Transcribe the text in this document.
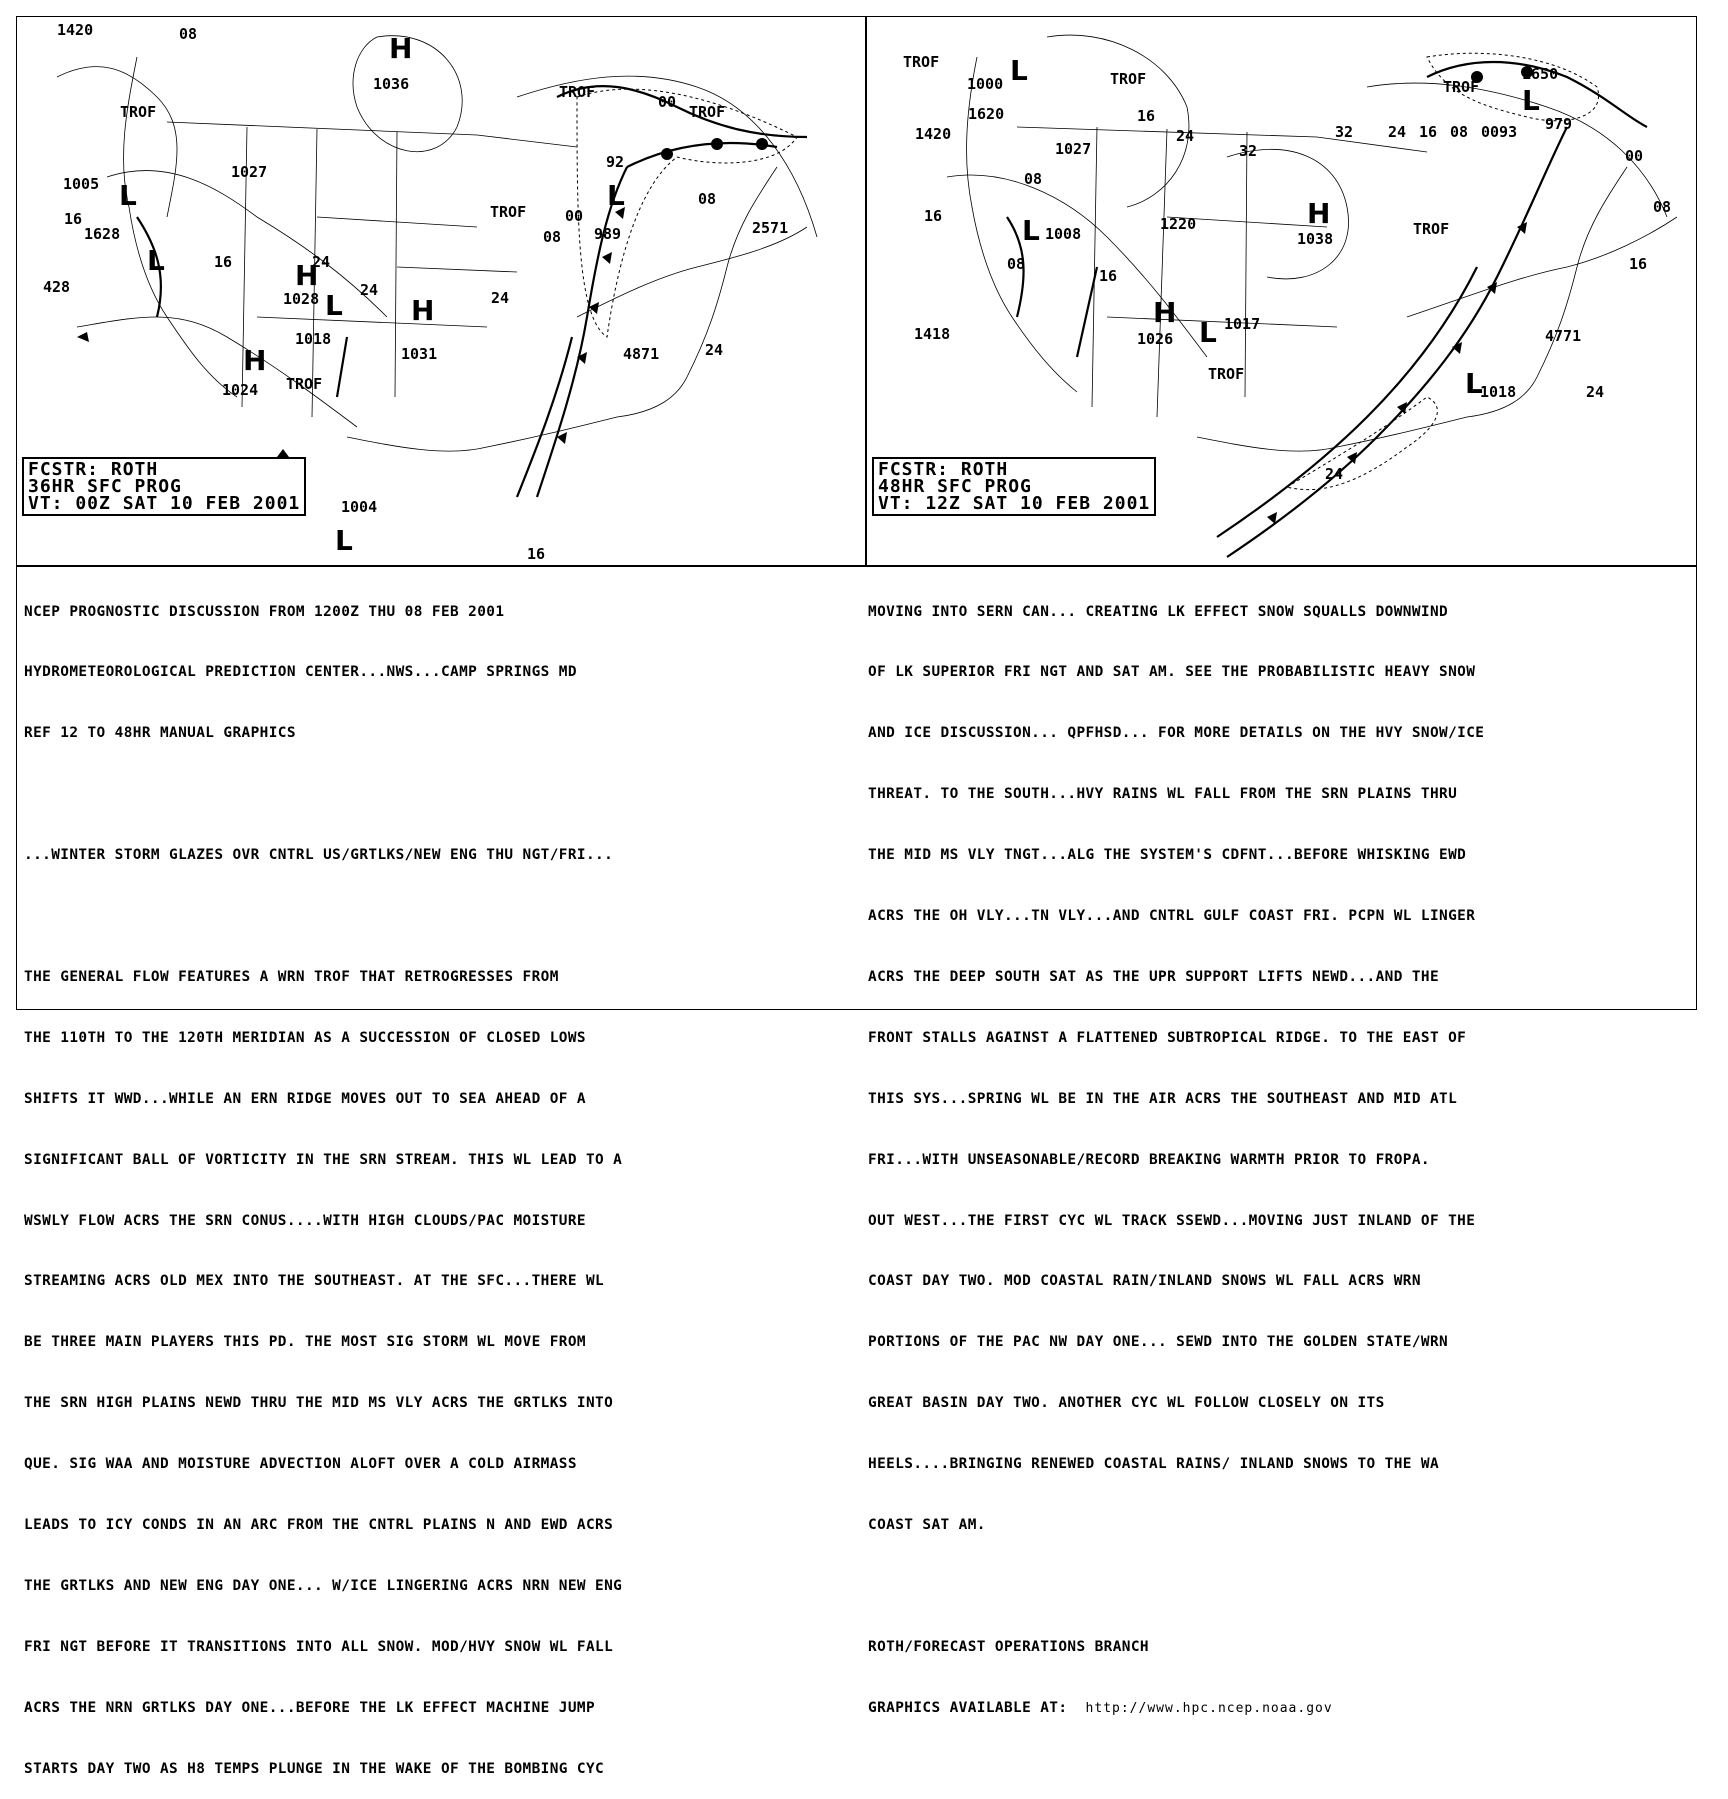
1420	08
TROF
1036	TROF
00
TROF
1005
1027
92
08
16
1628
TROF	00
989	2571
08
16	24
428
1028	24	24
1018
1031	4871	24
1024 TROF
1004
16
H
L
L
L
H
L H
H
L
FCSTR: ROTH
36HR SFC PROG
VT: 00Z SAT 10 FEB 2001
TROF
1000	TROF
1620	16
TROF
1650
1420
1027
24
32
32 24 16 08 0093 979
00
08
08
16
1008
1220
1038
TROF
08
16
16
1026
1017
1418	4771
TROF
1018	24
24
L
L
H
L
H
L
L
FCSTR: ROTH
48HR SFC PROG
VT: 12Z SAT 10 FEB 2001

NCEP PROGNOSTIC DISCUSSION FROM 1200Z THU 08 FEB 2001

HYDROMETEOROLOGICAL PREDICTION CENTER...NWS...CAMP SPRINGS MD

REF 12 TO 48HR MANUAL GRAPHICS

...WINTER STORM GLAZES OVR CNTRL US/GRTLKS/NEW ENG THU NGT/FRI...

THE GENERAL FLOW FEATURES A WRN TROF THAT RETROGRESSES FROM

THE 110TH TO THE 120TH MERIDIAN AS A SUCCESSION OF CLOSED LOWS

SHIFTS IT WWD...WHILE AN ERN RIDGE MOVES OUT TO SEA AHEAD OF A

SIGNIFICANT BALL OF VORTICITY IN THE SRN STREAM. THIS WL LEAD TO A

WSWLY FLOW ACRS THE SRN CONUS....WITH HIGH CLOUDS/PAC MOISTURE

STREAMING ACRS OLD MEX INTO THE SOUTHEAST. AT THE SFC...THERE WL

BE THREE MAIN PLAYERS THIS PD. THE MOST SIG STORM WL MOVE FROM

THE SRN HIGH PLAINS NEWD THRU THE MID MS VLY ACRS THE GRTLKS INTO

QUE. SIG WAA AND MOISTURE ADVECTION ALOFT OVER A COLD AIRMASS

LEADS TO ICY CONDS IN AN ARC FROM THE CNTRL PLAINS N AND EWD ACRS

THE GRTLKS AND NEW ENG DAY ONE... W/ICE LINGERING ACRS NRN NEW ENG

FRI NGT BEFORE IT TRANSITIONS INTO ALL SNOW. MOD/HVY SNOW WL FALL

ACRS THE NRN GRTLKS DAY ONE...BEFORE THE LK EFFECT MACHINE JUMP

STARTS DAY TWO AS H8 TEMPS PLUNGE IN THE WAKE OF THE BOMBING CYC

MOVING INTO SERN CAN... CREATING LK EFFECT SNOW SQUALLS DOWNWIND

OF LK SUPERIOR FRI NGT AND SAT AM. SEE THE PROBABILISTIC HEAVY SNOW

AND ICE DISCUSSION... QPFHSD... FOR MORE DETAILS ON THE HVY SNOW/ICE

THREAT. TO THE SOUTH...HVY RAINS WL FALL FROM THE SRN PLAINS THRU

THE MID MS VLY TNGT...ALG THE SYSTEM'S CDFNT...BEFORE WHISKING EWD

ACRS THE OH VLY...TN VLY...AND CNTRL GULF COAST FRI. PCPN WL LINGER

ACRS THE DEEP SOUTH SAT AS THE UPR SUPPORT LIFTS NEWD...AND THE

FRONT STALLS AGAINST A FLATTENED SUBTROPICAL RIDGE. TO THE EAST OF

THIS SYS...SPRING WL BE IN THE AIR ACRS THE SOUTHEAST AND MID ATL

FRI...WITH UNSEASONABLE/RECORD BREAKING WARMTH PRIOR TO FROPA.

OUT WEST...THE FIRST CYC WL TRACK SSEWD...MOVING JUST INLAND OF THE

COAST DAY TWO. MOD COASTAL RAIN/INLAND SNOWS WL FALL ACRS WRN

PORTIONS OF THE PAC NW DAY ONE... SEWD INTO THE GOLDEN STATE/WRN

GREAT BASIN DAY TWO. ANOTHER CYC WL FOLLOW CLOSELY ON ITS

HEELS....BRINGING RENEWED COASTAL RAINS/ INLAND SNOWS TO THE WA

COAST SAT AM.

ROTH/FORECAST OPERATIONS BRANCH

GRAPHICS AVAILABLE AT: http://www.hpc.ncep.noaa.gov
